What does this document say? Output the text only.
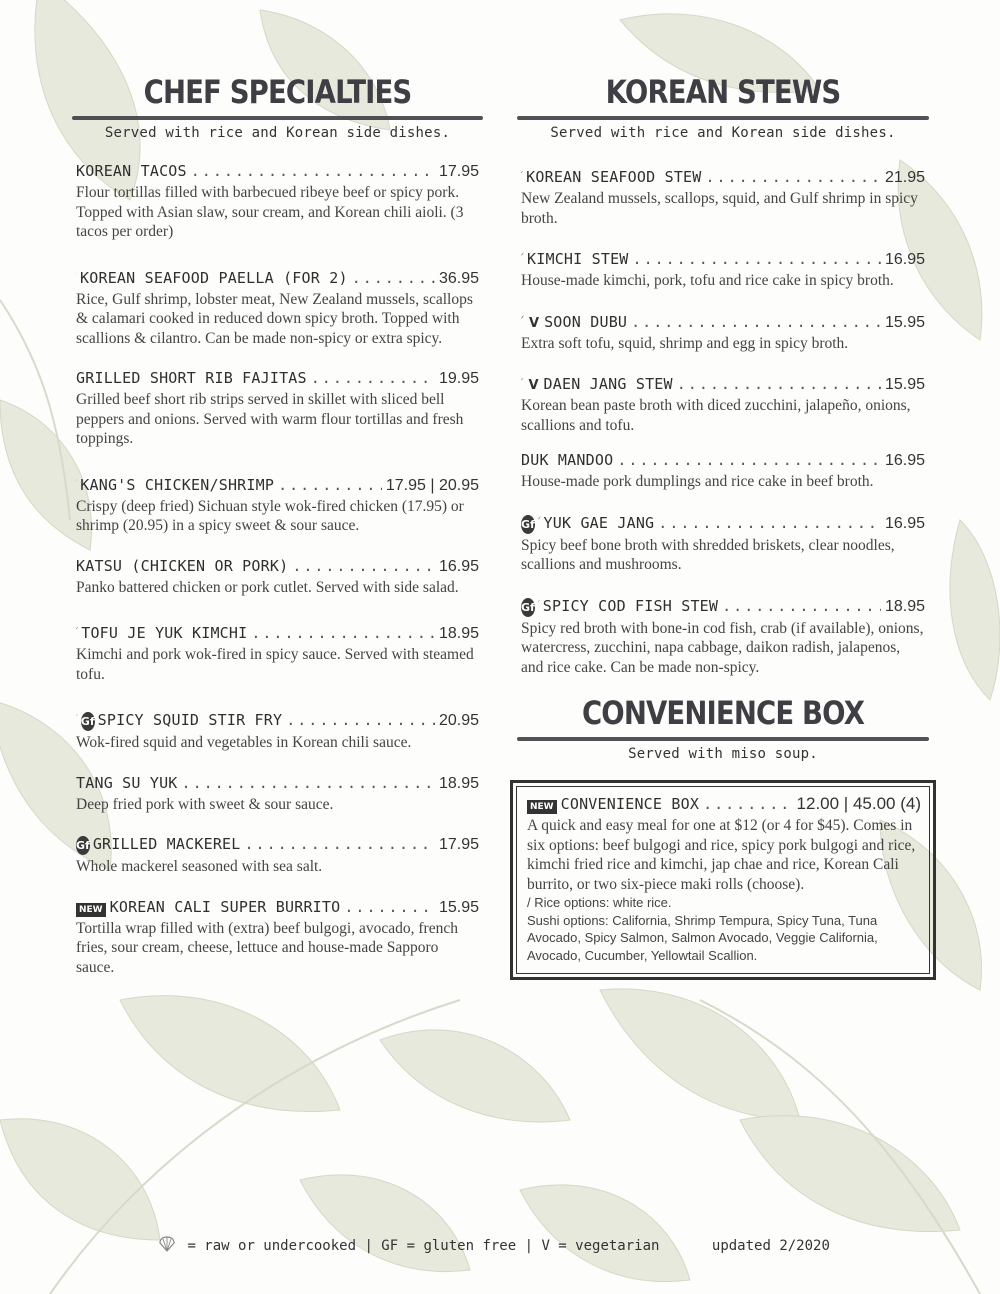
CHEF SPECIALTIES
Served with rice and Korean side dishes.
KOREAN TACOS .....	17.95
Flour tortillas filled with barbecued ribeye beef or spicy pork. Topped with Asian slaw, sour cream, and Korean chili aioli. (3 tacos per order)
KOREAN SEAFOOD PAELLA (FOR 2) .....	36.95
Rice, Gulf shrimp, lobster meat, New Zealand mussels, scallops & calamari cooked in reduced down spicy broth. Topped with scallions & cilantro. Can be made non-spicy or extra spicy.
GRILLED SHORT RIB FAJITAS .....	19.95
Grilled beef short rib strips served in skillet with sliced bell peppers and onions. Served with warm flour tortillas and fresh toppings.
KANG'S CHICKEN/SHRIMP .....	17.95 | 20.95
Crispy (deep fried) Sichuan style wok-fired chicken (17.95) or shrimp (20.95) in a spicy sweet & sour sauce.
KATSU (CHICKEN OR PORK) .....	16.95
Panko battered chicken or pork cutlet. Served with side salad.
TOFU JE YUK KIMCHI .....	18.95
Kimchi and pork wok-fired in spicy sauce. Served with steamed tofu.
Gf SPICY SQUID STIR FRY .....	20.95
Wok-fired squid and vegetables in Korean chili sauce.
TANG SU YUK .....	18.95
Deep fried pork with sweet & sour sauce.
Gf GRILLED MACKEREL .....	17.95
Whole mackerel seasoned with sea salt.
NEW KOREAN CALI SUPER BURRITO .....	15.95
Tortilla wrap filled with (extra) beef bulgogi, avocado, french fries, sour cream, cheese, lettuce and house-made Sapporo sauce.
KOREAN STEWS
Served with rice and Korean side dishes.
KOREAN SEAFOOD STEW .....	21.95
New Zealand mussels, scallops, squid, and Gulf shrimp in spicy broth.
KIMCHI STEW .....	16.95
House-made kimchi, pork, tofu and rice cake in spicy broth.
V SOON DUBU .....	15.95
Extra soft tofu, squid, shrimp and egg in spicy broth.
V DAEN JANG STEW .....	15.95
Korean bean paste broth with diced zucchini, jalapeño, onions, scallions and tofu.
DUK MANDOO .....	16.95
House-made pork dumplings and rice cake in beef broth.
Gf YUK GAE JANG .....	16.95
Spicy beef bone broth with shredded briskets, clear noodles, scallions and mushrooms.
Gf SPICY COD FISH STEW .....	18.95
Spicy red broth with bone-in cod fish, crab (if available), onions, watercress, zucchini, napa cabbage, daikon radish, jalapenos, and rice cake. Can be made non-spicy.
CONVENIENCE BOX
Served with miso soup.
NEW CONVENIENCE BOX .....	12.00 | 45.00 (4)
A quick and easy meal for one at $12 (or 4 for $45). Comes in six options: beef bulgogi and rice, spicy pork bulgogi and rice, kimchi fried rice and kimchi, jap chae and rice, Korean Cali burrito, or two six-piece maki rolls (choose).
/ Rice options: white rice.
Sushi options: California, Shrimp Tempura, Spicy Tuna, Tuna Avocado, Spicy Salmon, Salmon Avocado, Veggie California, Avocado, Cucumber, Yellowtail Scallion.
= raw or undercooked | GF = gluten free | V = vegetarian	updated 2/2020
